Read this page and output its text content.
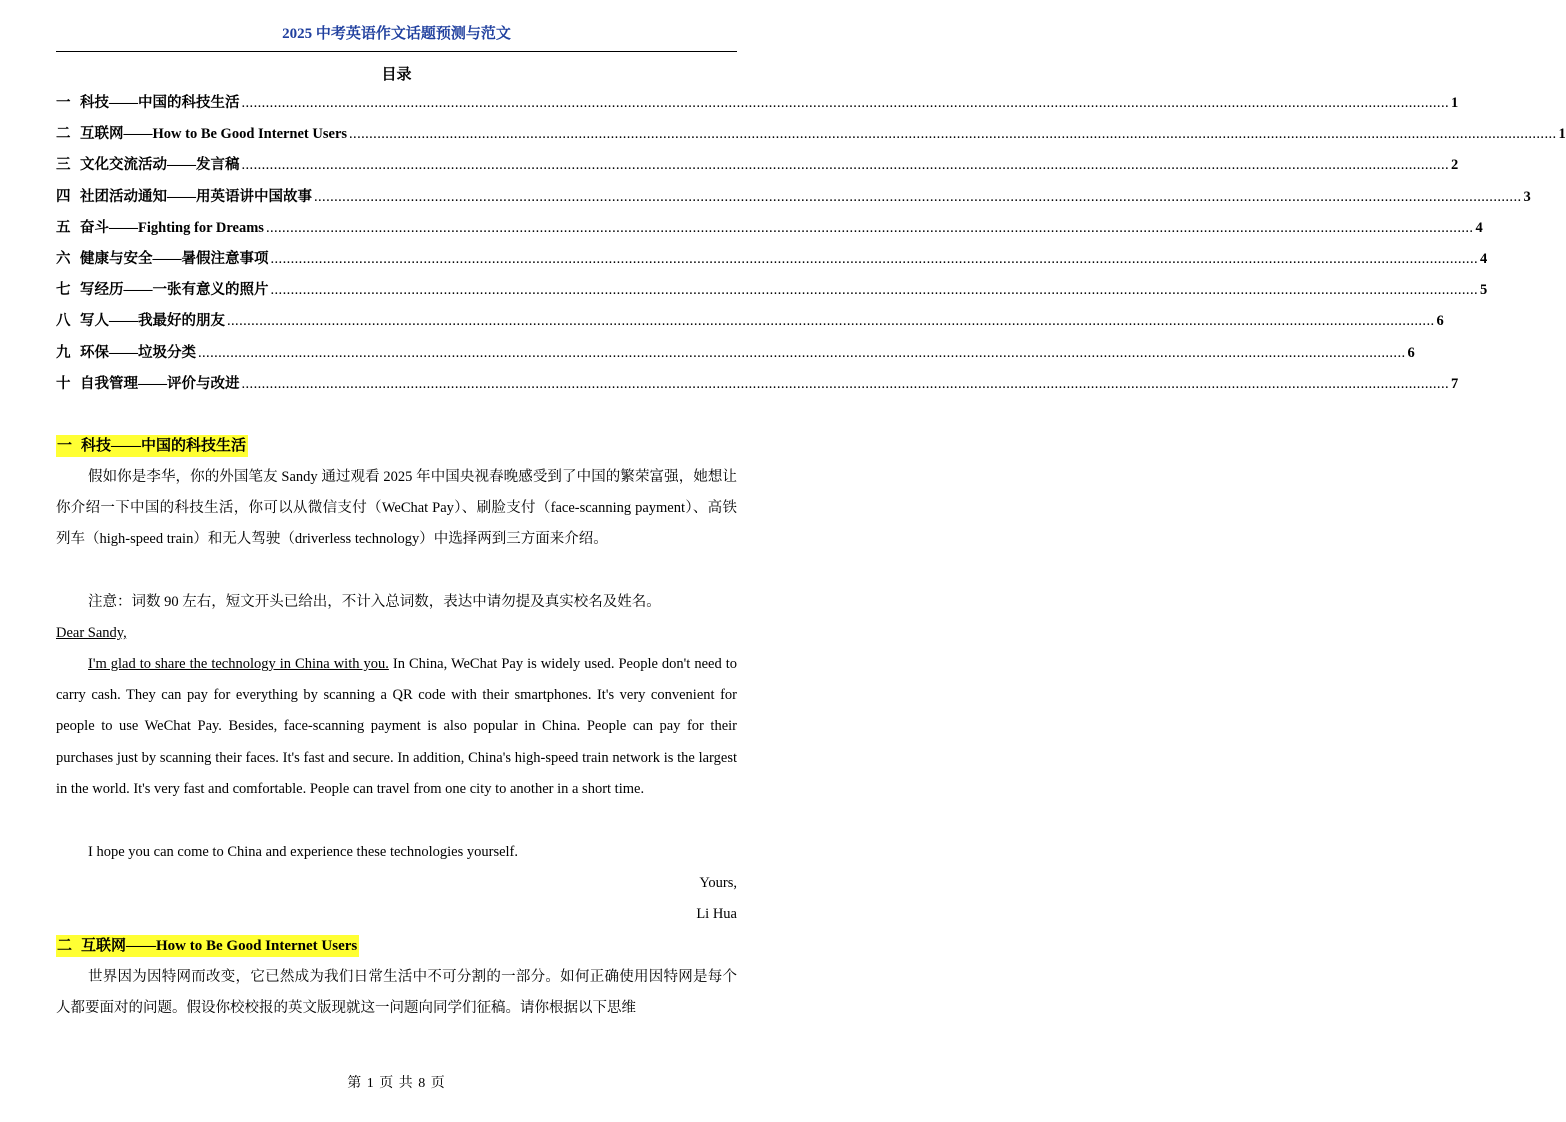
2025 中考英语作文话题预测与范文
目录
一 科技——中国的科技生活 ............................................................................................................................................................................................................................................................................................................ 1
二 互联网——How to Be Good Internet Users ............................................................................................................................................................................................................................................................................................................ 1
三 文化交流活动——发言稿 ............................................................................................................................................................................................................................................................................................................ 2
四 社团活动通知——用英语讲中国故事 ............................................................................................................................................................................................................................................................................................................ 3
五 奋斗——Fighting for Dreams ............................................................................................................................................................................................................................................................................................................ 4
六 健康与安全——暑假注意事项 ............................................................................................................................................................................................................................................................................................................ 4
七 写经历——一张有意义的照片 ............................................................................................................................................................................................................................................................................................................ 5
八 写人——我最好的朋友 ............................................................................................................................................................................................................................................................................................................ 6
九 环保——垃圾分类 ............................................................................................................................................................................................................................................................................................................ 6
十 自我管理——评价与改进 ............................................................................................................................................................................................................................................................................................................ 7
一 科技——中国的科技生活
假如你是李华，你的外国笔友 Sandy 通过观看 2025 年中国央视春晚感受到了中国的繁荣富强，她想让你介绍一下中国的科技生活，你可以从微信支付（WeChat Pay）、刷脸支付（face-scanning payment）、高铁列车（high-speed train）和无人驾驶（driverless technology）中选择两到三方面来介绍。
注意：词数 90 左右，短文开头已给出，不计入总词数，表达中请勿提及真实校名及姓名。
Dear Sandy,
I'm glad to share the technology in China with you. In China, WeChat Pay is widely used. People don't need to carry cash. They can pay for everything by scanning a QR code with their smartphones. It's very convenient for people to use WeChat Pay. Besides, face-scanning payment is also popular in China. People can pay for their purchases just by scanning their faces. It's fast and secure. In addition, China's high-speed train network is the largest in the world. It's very fast and comfortable. People can travel from one city to another in a short time.
I hope you can come to China and experience these technologies yourself.
Yours,
Li Hua
二 互联网——How to Be Good Internet Users
世界因为因特网而改变，它已然成为我们日常生活中不可分割的一部分。如何正确使用因特网是每个人都要面对的问题。假设你校校报的英文版现就这一问题向同学们征稿。请你根据以下思维
第 1 页 共 8 页
